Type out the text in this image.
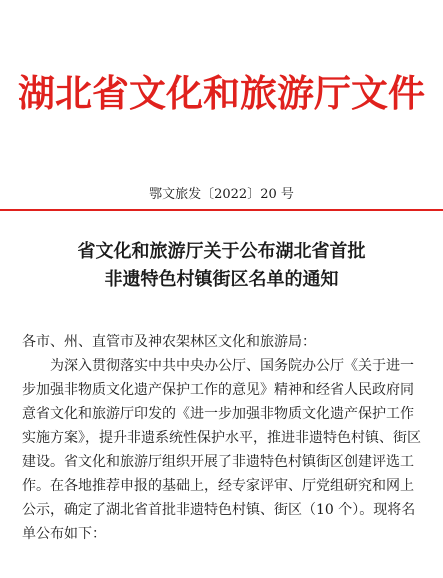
湖北省文化和旅游厅文件
鄂文旅发〔2022〕20 号
省文化和旅游厅关于公布湖北省首批
非遗特色村镇街区名单的通知
各市、州、直管市及神农架林区文化和旅游局：
为深入贯彻落实中共中央办公厅、国务院办公厅《关于进一
步加强非物质文化遗产保护工作的意见》精神和经省人民政府同
意省文化和旅游厅印发的《进一步加强非物质文化遗产保护工作
实施方案》，提升非遗系统性保护水平，推进非遗特色村镇、街区
建设。省文化和旅游厅组织开展了非遗特色村镇街区创建评选工
作。在各地推荐申报的基础上，经专家评审、厅党组研究和网上
公示，确定了湖北省首批非遗特色村镇、街区（10 个）。现将名
单公布如下：
